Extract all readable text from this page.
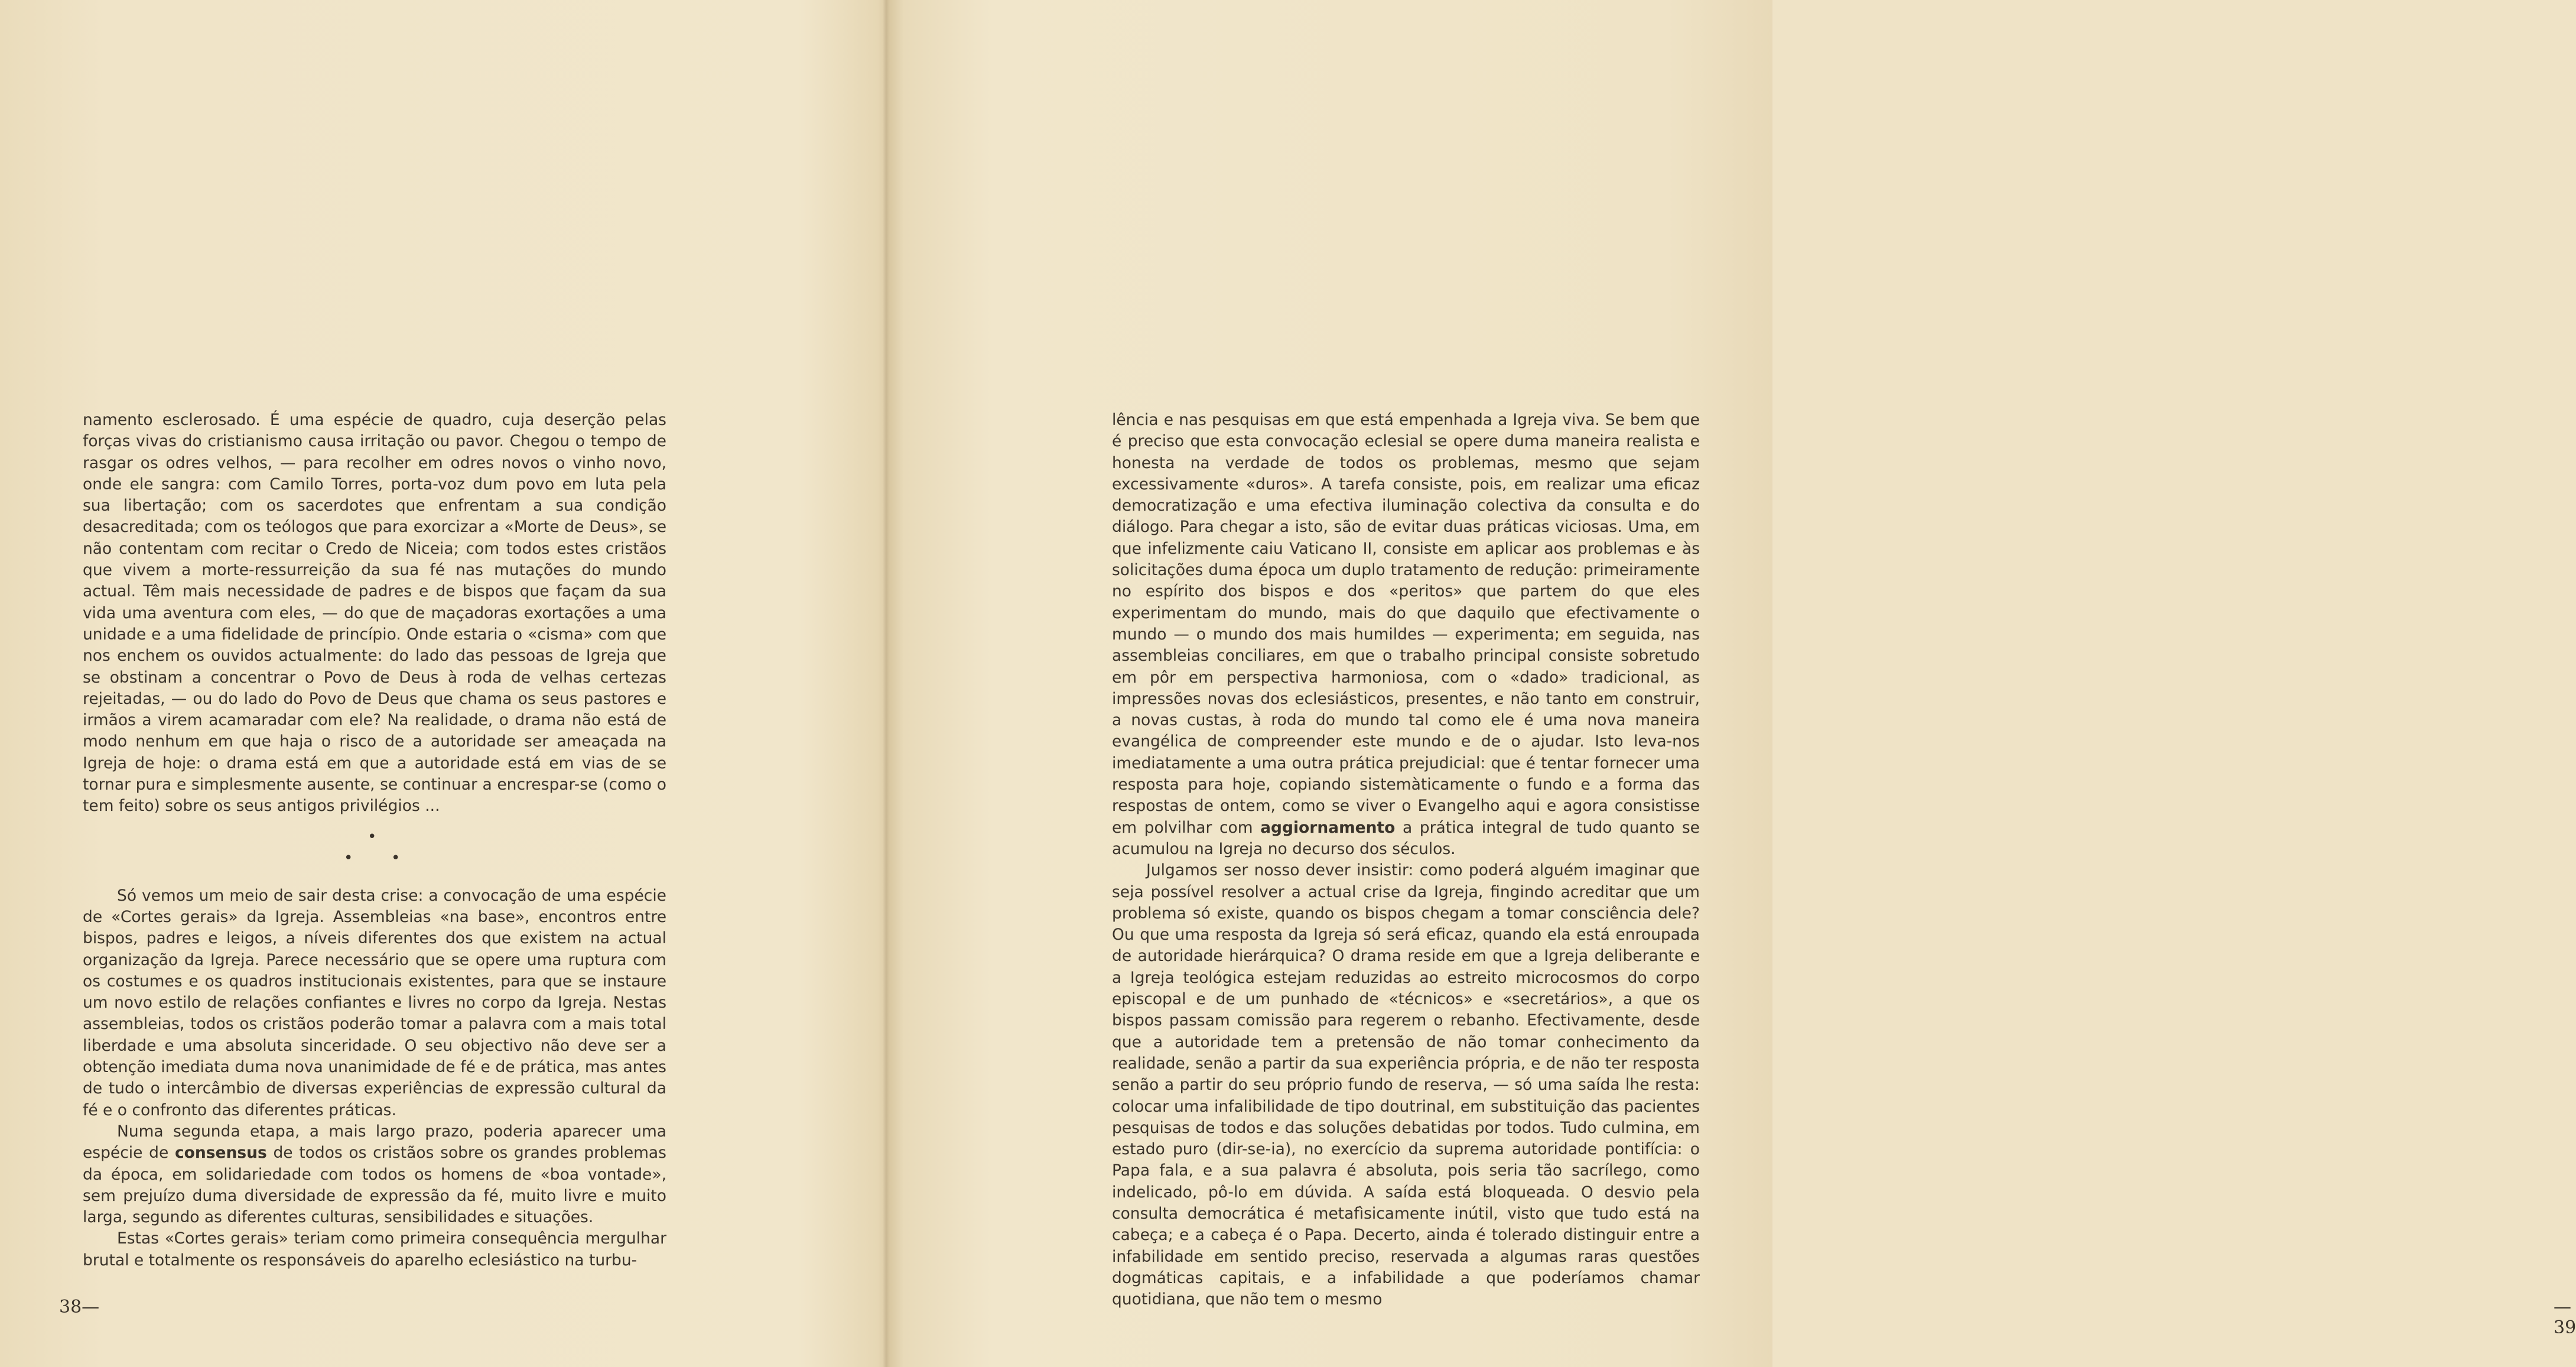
namento esclerosado. É uma espécie de quadro, cuja deserção pelas forças vivas do cristianismo causa irritação ou pavor. Chegou o tempo de rasgar os odres velhos, — para recolher em odres novos o vinho novo, onde ele sangra: com Camilo Torres, porta-voz dum povo em luta pela sua libertação; com os sacerdotes que enfrentam a sua condição desacreditada; com os teólogos que para exorcizar a «Morte de Deus», se não contentam com recitar o Credo de Niceia; com todos estes cristãos que vivem a morte-ressurreição da sua fé nas mutações do mundo actual. Têm mais necessidade de padres e de bispos que façam da sua vida uma aventura com eles, — do que de maçadoras exortações a uma unidade e a uma fidelidade de princípio. Onde estaria o «cisma» com que nos enchem os ouvidos actualmente: do lado das pessoas de Igreja que se obstinam a concentrar o Povo de Deus à roda de velhas certezas rejeitadas, — ou do lado do Povo de Deus que chama os seus pastores e irmãos a virem acamaradar com ele? Na realidade, o drama não está de modo nenhum em que haja o risco de a autoridade ser ameaçada na Igreja de hoje: o drama está em que a autoridade está em vias de se tornar pura e simplesmente ausente, se continuar a encrespar-se (como o tem feito) sobre os seus antigos privilégios ...

•
• •

Só vemos um meio de sair desta crise: a convocação de uma espécie de «Cortes gerais» da Igreja. Assembleias «na base», encontros entre bispos, padres e leigos, a níveis diferentes dos que existem na actual organização da Igreja. Parece necessário que se opere uma ruptura com os costumes e os quadros institucionais existentes, para que se instaure um novo estilo de relações confiantes e livres no corpo da Igreja. Nestas assembleias, todos os cristãos poderão tomar a palavra com a mais total liberdade e uma absoluta sinceridade. O seu objectivo não deve ser a obtenção imediata duma nova unanimidade de fé e de prática, mas antes de tudo o intercâmbio de diversas experiências de expressão cultural da fé e o confronto das diferentes práticas.

Numa segunda etapa, a mais largo prazo, poderia aparecer uma espécie de consensus de todos os cristãos sobre os grandes problemas da época, em solidariedade com todos os homens de «boa vontade», sem prejuízo duma diversidade de expressão da fé, muito livre e muito larga, segundo as diferentes culturas, sensibilidades e situações.

Estas «Cortes gerais» teriam como primeira consequência mergulhar brutal e totalmente os responsáveis do aparelho eclesiástico na turbu-

38—

lência e nas pesquisas em que está empenhada a Igreja viva. Se bem que é preciso que esta convocação eclesial se opere duma maneira realista e honesta na verdade de todos os problemas, mesmo que sejam excessivamente «duros». A tarefa consiste, pois, em realizar uma eficaz democratização e uma efectiva iluminação colectiva da consulta e do diálogo. Para chegar a isto, são de evitar duas práticas viciosas. Uma, em que infelizmente caiu Vaticano II, consiste em aplicar aos problemas e às solicitações duma época um duplo tratamento de redução: primeiramente no espírito dos bispos e dos «peritos» que partem do que eles experimentam do mundo, mais do que daquilo que efectivamente o mundo — o mundo dos mais humildes — experimenta; em seguida, nas assembleias conciliares, em que o trabalho principal consiste sobretudo em pôr em perspectiva harmoniosa, com o «dado» tradicional, as impressões novas dos eclesiásticos, presentes, e não tanto em construir, a novas custas, à roda do mundo tal como ele é uma nova maneira evangélica de compreender este mundo e de o ajudar. Isto leva-nos imediatamente a uma outra prática prejudicial: que é tentar fornecer uma resposta para hoje, copiando sistemàticamente o fundo e a forma das respostas de ontem, como se viver o Evangelho aqui e agora consistisse em polvilhar com aggiornamento a prática integral de tudo quanto se acumulou na Igreja no decurso dos séculos.

Julgamos ser nosso dever insistir: como poderá alguém imaginar que seja possível resolver a actual crise da Igreja, fingindo acreditar que um problema só existe, quando os bispos chegam a tomar consciência dele? Ou que uma resposta da Igreja só será eficaz, quando ela está enroupada de autoridade hierárquica? O drama reside em que a Igreja deliberante e a Igreja teológica estejam reduzidas ao estreito microcosmos do corpo episcopal e de um punhado de «técnicos» e «secretários», a que os bispos passam comissão para regerem o rebanho. Efectivamente, desde que a autoridade tem a pretensão de não tomar conhecimento da realidade, senão a partir da sua experiência própria, e de não ter resposta senão a partir do seu próprio fundo de reserva, — só uma saída lhe resta: colocar uma infalibilidade de tipo doutrinal, em substituição das pacientes pesquisas de todos e das soluções debatidas por todos. Tudo culmina, em estado puro (dir-se-ia), no exercício da suprema autoridade pontifícia: o Papa fala, e a sua palavra é absoluta, pois seria tão sacrílego, como indelicado, pô-lo em dúvida. A saída está bloqueada. O desvio pela consulta democrática é metafìsicamente inútil, visto que tudo está na cabeça; e a cabeça é o Papa. Decerto, ainda é tolerado distinguir entre a infabilidade em sentido preciso, reservada a algumas raras questões dogmáticas capitais, e a infabilidade a que poderíamos chamar quotidiana, que não tem o mesmo	—39
